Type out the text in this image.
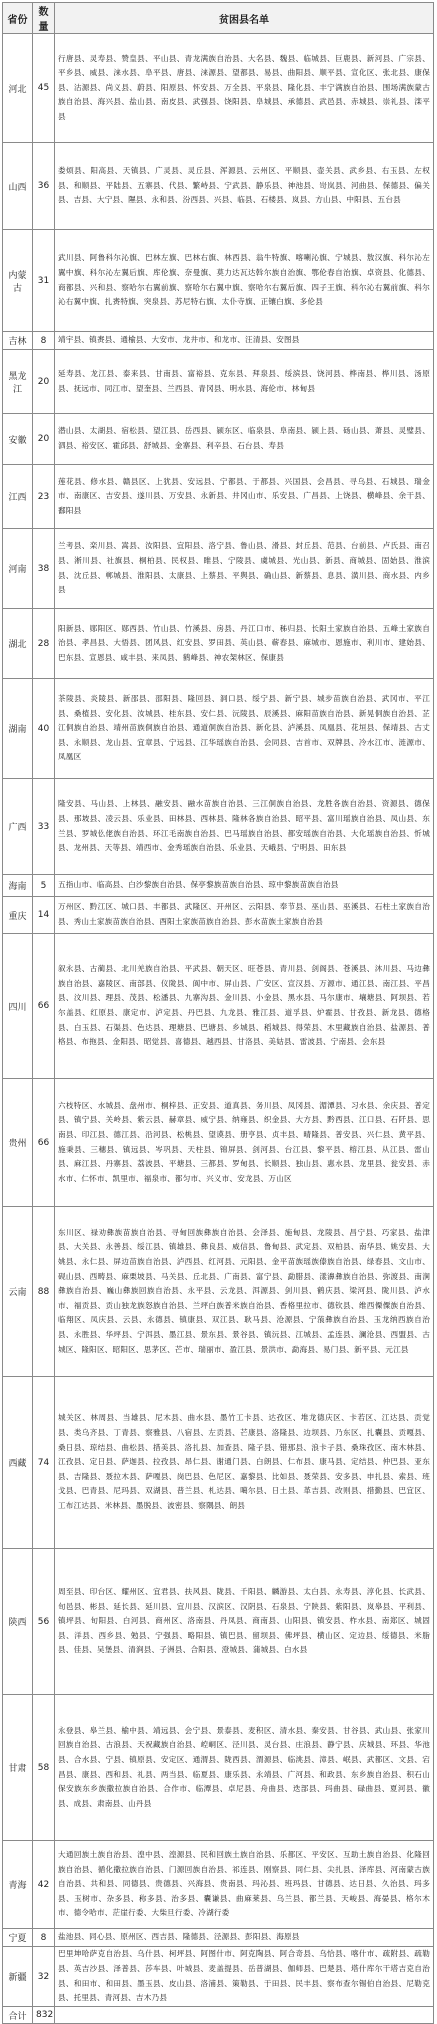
省份	数量	贫困县名单
河北	45	行唐县、灵寿县、赞皇县、平山县、青龙满族自治县、大名县、魏县、临城县、巨鹿县、新河县、广宗县、平乡县、威县、涞水县、阜平县、唐县、涞源县、望都县、易县、曲阳县、顺平县、宣化区、张北县、康保县、沽源县、尚义县、蔚县、阳原县、怀安县、万全县、平泉县、隆化县、丰宁满族自治县、围场满族蒙古族自治县、海兴县、盐山县、南皮县、武强县、饶阳县、阜城县、承德县、武邑县、赤城县、崇礼县、滦平县
山西	36	娄烦县、阳高县、天镇县、广灵县、灵丘县、浑源县、云州区、平顺县、壶关县、武乡县、右玉县、左权县、和顺县、平陆县、五寨县、代县、繁峙县、宁武县、静乐县、神池县、岢岚县、河曲县、保德县、偏关县、吉县、大宁县、隰县、永和县、汾西县、兴县、临县、石楼县、岚县、方山县、中阳县、五台县
内蒙古	31	武川县、阿鲁科尔沁旗、巴林左旗、巴林右旗、林西县、翁牛特旗、喀喇沁旗、宁城县、敖汉旗、科尔沁左翼中旗、科尔沁左翼后旗、库伦旗、奈曼旗、莫力达瓦达斡尔族自治旗、鄂伦春自治旗、卓资县、化德县、商都县、兴和县、察哈尔右翼前旗、察哈尔右翼中旗、察哈尔右翼后旗、四子王旗、科尔沁右翼前旗、科尔沁右翼中旗、扎赉特旗、突泉县、苏尼特右旗、太仆寺旗、正镶白旗、多伦县
吉林	8	靖宇县、镇赉县、通榆县、大安市、龙井市、和龙市、汪清县、安图县
黑龙江	20	延寿县、龙江县、泰来县、甘南县、富裕县、克东县、拜泉县、绥滨县、饶河县、桦南县、桦川县、汤原县、抚远市、同江市、望奎县、兰西县、青冈县、明水县、海伦市、林甸县
安徽	20	潜山县、太湖县、宿松县、望江县、岳西县、颍东区、临泉县、阜南县、颍上县、砀山县、萧县、灵璧县、泗县、裕安区、霍邱县、舒城县、金寨县、利辛县、石台县、寿县
江西	23	莲花县、修水县、赣县区、上犹县、安远县、宁都县、于都县、兴国县、会昌县、寻乌县、石城县、瑞金市、南康区、吉安县、遂川县、万安县、永新县、井冈山市、乐安县、广昌县、上饶县、横峰县、余干县、鄱阳县
河南	38	兰考县、栾川县、嵩县、汝阳县、宜阳县、洛宁县、鲁山县、滑县、封丘县、范县、台前县、卢氏县、南召县、淅川县、社旗县、桐柏县、民权县、睢县、宁陵县、虞城县、光山县、新县、商城县、固始县、淮滨县、沈丘县、郸城县、淮阳县、太康县、上蔡县、平舆县、确山县、新蔡县、息县、潢川县、商水县、内乡县
湖北	28	阳新县、郧阳区、郧西县、竹山县、竹溪县、房县、丹江口市、秭归县、长阳土家族自治县、五峰土家族自治县、孝昌县、大悟县、团风县、红安县、罗田县、英山县、蕲春县、麻城市、恩施市、利川市、建始县、巴东县、宣恩县、咸丰县、来凤县、鹤峰县、神农架林区、保康县
湖南	40	茶陵县、炎陵县、新邵县、邵阳县、隆回县、洞口县、绥宁县、新宁县、城步苗族自治县、武冈市、平江县、桑植县、安化县、汝城县、桂东县、安仁县、沅陵县、辰溪县、麻阳苗族自治县、新晃侗族自治县、芷江侗族自治县、靖州苗族侗族自治县、通道侗族自治县、新化县、泸溪县、凤凰县、花垣县、保靖县、古丈县、永顺县、龙山县、宜章县、宁远县、江华瑶族自治县、会同县、吉首市、双牌县、冷水江市、涟源市、凤凰区
广西	33	隆安县、马山县、上林县、融安县、融水苗族自治县、三江侗族自治县、龙胜各族自治县、资源县、德保县、那坡县、凌云县、乐业县、田林县、西林县、隆林各族自治县、昭平县、富川瑶族自治县、凤山县、东兰县、罗城仫佬族自治县、环江毛南族自治县、巴马瑶族自治县、都安瑶族自治县、大化瑶族自治县、忻城县、龙州县、天等县、靖西市、金秀瑶族自治县、乐业县、天峨县、宁明县、田东县
海南	5	五指山市、临高县、白沙黎族自治县、保亭黎族苗族自治县、琼中黎族苗族自治县
重庆	14	万州区、黔江区、城口县、丰都县、武隆区、开州区、云阳县、奉节县、巫山县、巫溪县、石柱土家族自治县、秀山土家族苗族自治县、酉阳土家族苗族自治县、彭水苗族土家族自治县
四川	66	叙永县、古蔺县、北川羌族自治县、平武县、朝天区、旺苍县、青川县、剑阁县、苍溪县、沐川县、马边彝族自治县、嘉陵区、南部县、仪陇县、阆中市、屏山县、广安区、宣汉县、万源市、通江县、南江县、平昌县、汶川县、理县、茂县、松潘县、九寨沟县、金川县、小金县、黑水县、马尔康市、壤塘县、阿坝县、若尔盖县、红原县、康定市、泸定县、丹巴县、九龙县、雅江县、道孚县、炉霍县、甘孜县、新龙县、德格县、白玉县、石渠县、色达县、理塘县、巴塘县、乡城县、稻城县、得荣县、木里藏族自治县、盐源县、普格县、布拖县、金阳县、昭觉县、喜德县、越西县、甘洛县、美姑县、雷波县、宁南县、会东县
贵州	66	六枝特区、水城县、盘州市、桐梓县、正安县、道真县、务川县、凤冈县、湄潭县、习水县、余庆县、普定县、镇宁县、关岭县、紫云县、赫章县、威宁县、纳雍县、织金县、大方县、黔西县、江口县、石阡县、思南县、印江县、德江县、沿河县、松桃县、望谟县、册亨县、贞丰县、晴隆县、普安县、兴仁县、黄平县、施秉县、三穗县、镇远县、岑巩县、天柱县、锦屏县、剑河县、台江县、黎平县、榕江县、从江县、雷山县、麻江县、丹寨县、荔波县、平塘县、三都县、罗甸县、长顺县、独山县、惠水县、龙里县、瓮安县、赤水市、仁怀市、凯里市、福泉市、都匀市、兴义市、安龙县、万山区
云南	88	东川区、禄劝彝族苗族自治县、寻甸回族彝族自治县、会泽县、施甸县、龙陵县、昌宁县、巧家县、盐津县、大关县、永善县、绥江县、镇雄县、彝良县、威信县、鲁甸县、武定县、双柏县、南华县、姚安县、大姚县、永仁县、屏边苗族自治县、泸西县、红河县、元阳县、金平苗族瑶族傣族自治县、绿春县、文山市、砚山县、西畴县、麻栗坡县、马关县、丘北县、广南县、富宁县、勐腊县、漾濞彝族自治县、弥渡县、南涧彝族自治县、巍山彝族回族自治县、永平县、云龙县、洱源县、剑川县、鹤庆县、梁河县、陇川县、泸水市、福贡县、贡山独龙族怒族自治县、兰坪白族普米族自治县、香格里拉市、德钦县、维西傈僳族自治县、临翔区、凤庆县、云县、永德县、镇康县、双江县、耿马县、沧源县、宁蒗彝族自治县、玉龙纳西族自治县、永胜县、华坪县、宁洱县、墨江县、景东县、景谷县、镇沅县、江城县、孟连县、澜沧县、西盟县、古城区、隆阳区、昭阳区、思茅区、芒市、瑞丽市、盈江县、景洪市、勐海县、易门县、新平县、元江县
西藏	74	城关区、林周县、当雄县、尼木县、曲水县、墨竹工卡县、达孜区、堆龙德庆区、卡若区、江达县、贡觉县、类乌齐县、丁青县、察雅县、八宿县、左贡县、芒康县、洛隆县、边坝县、乃东区、扎囊县、贡嘎县、桑日县、琼结县、曲松县、措美县、洛扎县、加查县、隆子县、错那县、浪卡子县、桑珠孜区、南木林县、江孜县、定日县、萨迦县、拉孜县、昂仁县、谢通门县、白朗县、仁布县、康马县、定结县、仲巴县、亚东县、吉隆县、聂拉木县、萨嘎县、岗巴县、色尼区、嘉黎县、比如县、聂荣县、安多县、申扎县、索县、班戈县、巴青县、尼玛县、双湖县、普兰县、札达县、噶尔县、日土县、革吉县、改则县、措勤县、巴宜区、工布江达县、米林县、墨脱县、波密县、察隅县、朗县
陕西	56	周至县、印台区、耀州区、宜君县、扶风县、陇县、千阳县、麟游县、太白县、永寿县、淳化县、长武县、旬邑县、彬县、延长县、延川县、宜川县、汉滨区、汉阴县、石泉县、宁陕县、紫阳县、岚皋县、平利县、镇坪县、旬阳县、白河县、商州区、洛南县、丹凤县、商南县、山阳县、镇安县、柞水县、南郑区、城固县、洋县、西乡县、勉县、宁强县、略阳县、镇巴县、留坝县、佛坪县、横山区、定边县、绥德县、米脂县、佳县、吴堡县、清涧县、子洲县、合阳县、澄城县、蒲城县、白水县
甘肃	58	永登县、皋兰县、榆中县、靖远县、会宁县、景泰县、麦积区、清水县、秦安县、甘谷县、武山县、张家川回族自治县、古浪县、天祝藏族自治县、崆峒区、泾川县、灵台县、庄浪县、静宁县、庆城县、环县、华池县、合水县、宁县、镇原县、安定区、通渭县、陇西县、渭源县、临洮县、漳县、岷县、武都区、文县、宕昌县、康县、西和县、礼县、两当县、临夏县、康乐县、永靖县、广河县、和政县、东乡族自治县、积石山保安族东乡族撒拉族自治县、合作市、临潭县、卓尼县、舟曲县、迭部县、玛曲县、碌曲县、夏河县、徽县、成县、肃南县、山丹县
青海	42	大通回族土族自治县、湟中县、湟源县、民和回族土族自治县、乐都区、平安区、互助土族自治县、化隆回族自治县、循化撒拉族自治县、门源回族自治县、祁连县、刚察县、同仁县、尖扎县、泽库县、河南蒙古族自治县、共和县、同德县、贵德县、兴海县、贵南县、玛沁县、班玛县、甘德县、达日县、久治县、玛多县、玉树市、杂多县、称多县、治多县、囊谦县、曲麻莱县、乌兰县、都兰县、天峻县、海晏县、格尔木市、德令哈市、茫崖行委、大柴旦行委、冷湖行委
宁夏	8	盐池县、同心县、原州区、西吉县、隆德县、泾源县、彭阳县、海原县
新疆	32	巴里坤哈萨克自治县、乌什县、柯坪县、阿图什市、阿克陶县、阿合奇县、乌恰县、喀什市、疏附县、疏勒县、英吉沙县、泽普县、莎车县、叶城县、麦盖提县、岳普湖县、伽师县、巴楚县、塔什库尔干塔吉克自治县、和田市、和田县、墨玉县、皮山县、洛浦县、策勒县、于田县、民丰县、察布查尔锡伯自治县、尼勒克县、托里县、青河县、吉木乃县
合计	832	
